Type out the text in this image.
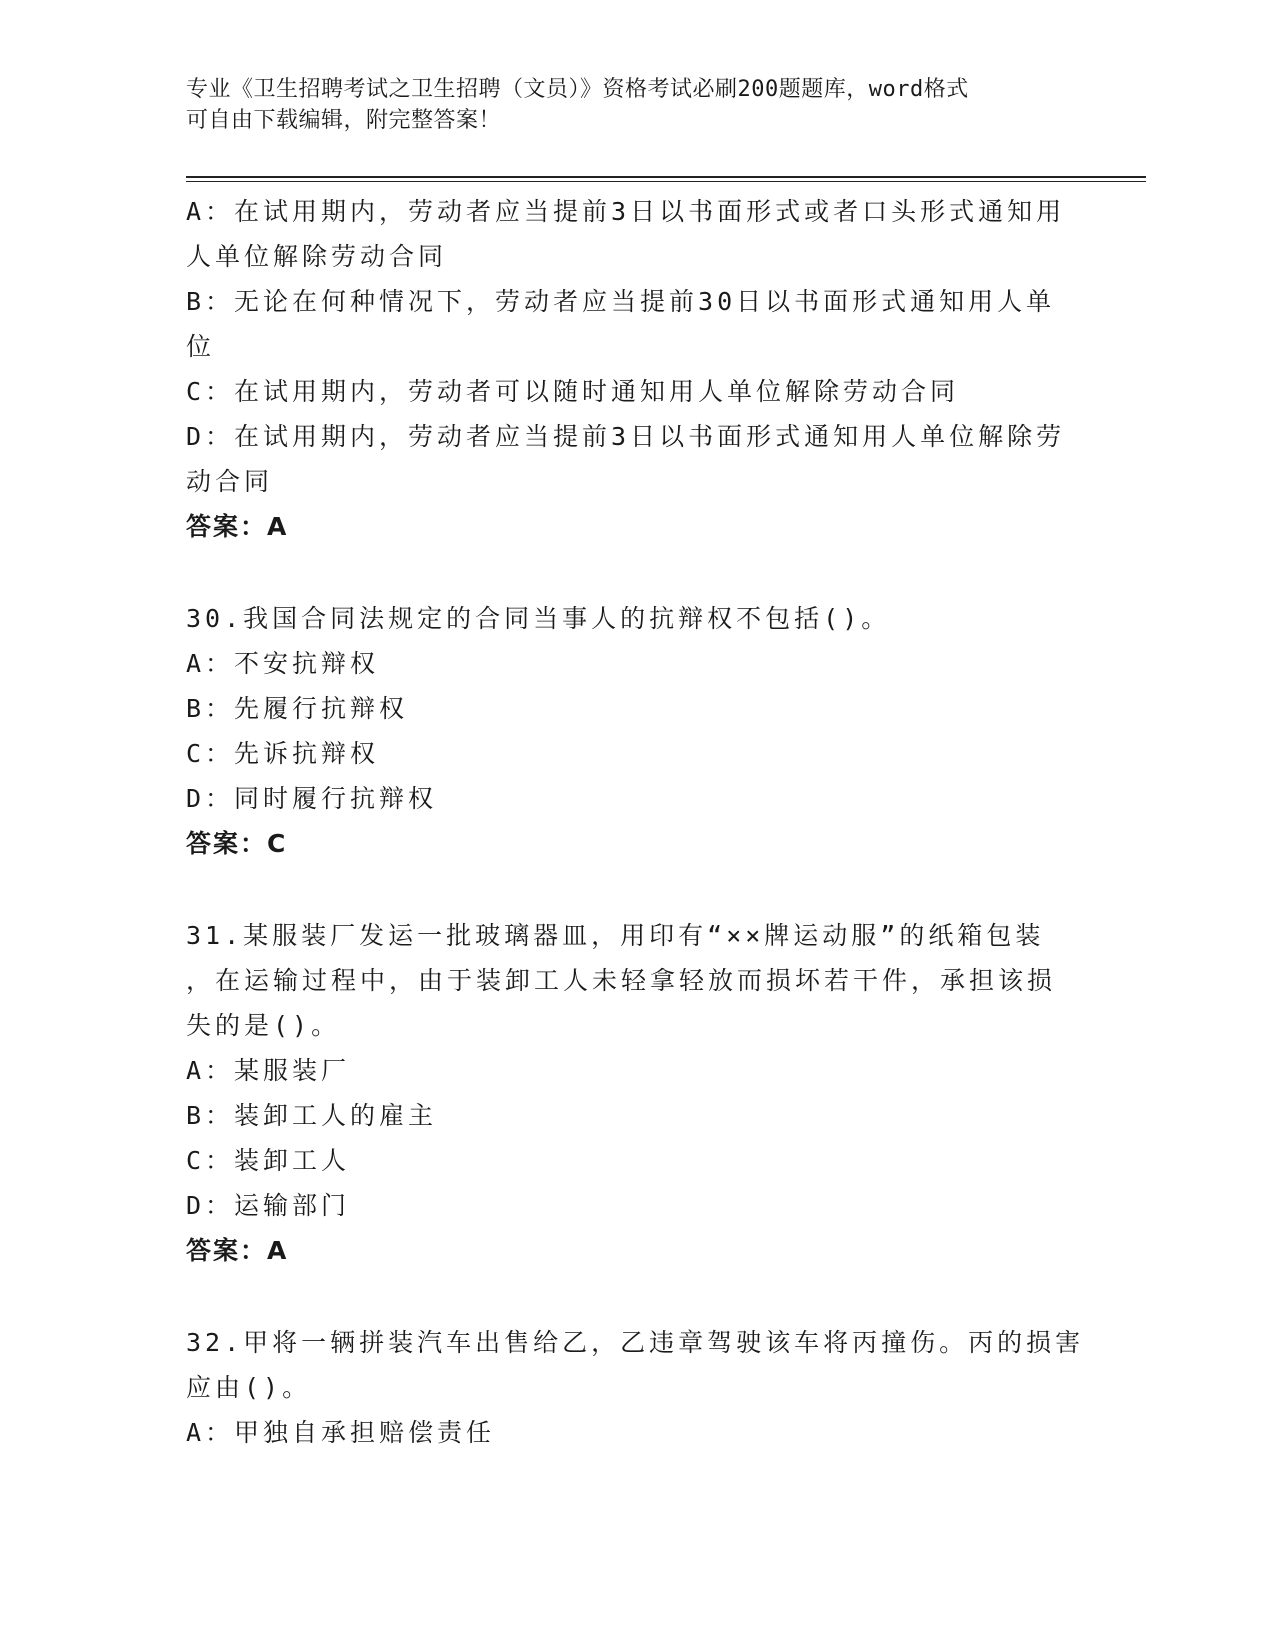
专业《卫生招聘考试之卫生招聘（文员）》资格考试必刷200题题库，word格式
可自由下载编辑，附完整答案！
A：在试用期内，劳动者应当提前3日以书面形式或者口头形式通知用
人单位解除劳动合同
B：无论在何种情况下，劳动者应当提前30日以书面形式通知用人单
位
C：在试用期内，劳动者可以随时通知用人单位解除劳动合同
D：在试用期内，劳动者应当提前3日以书面形式通知用人单位解除劳
动合同
答案：A
30.我国合同法规定的合同当事人的抗辩权不包括()。
A：不安抗辩权
B：先履行抗辩权
C：先诉抗辩权
D：同时履行抗辩权
答案：C
31.某服装厂发运一批玻璃器皿，用印有“××牌运动服”的纸箱包装
，在运输过程中，由于装卸工人未轻拿轻放而损坏若干件，承担该损
失的是()。
A：某服装厂
B：装卸工人的雇主
C：装卸工人
D：运输部门
答案：A
32.甲将一辆拼装汽车出售给乙，乙违章驾驶该车将丙撞伤。丙的损害
应由()。
A：甲独自承担赔偿责任
